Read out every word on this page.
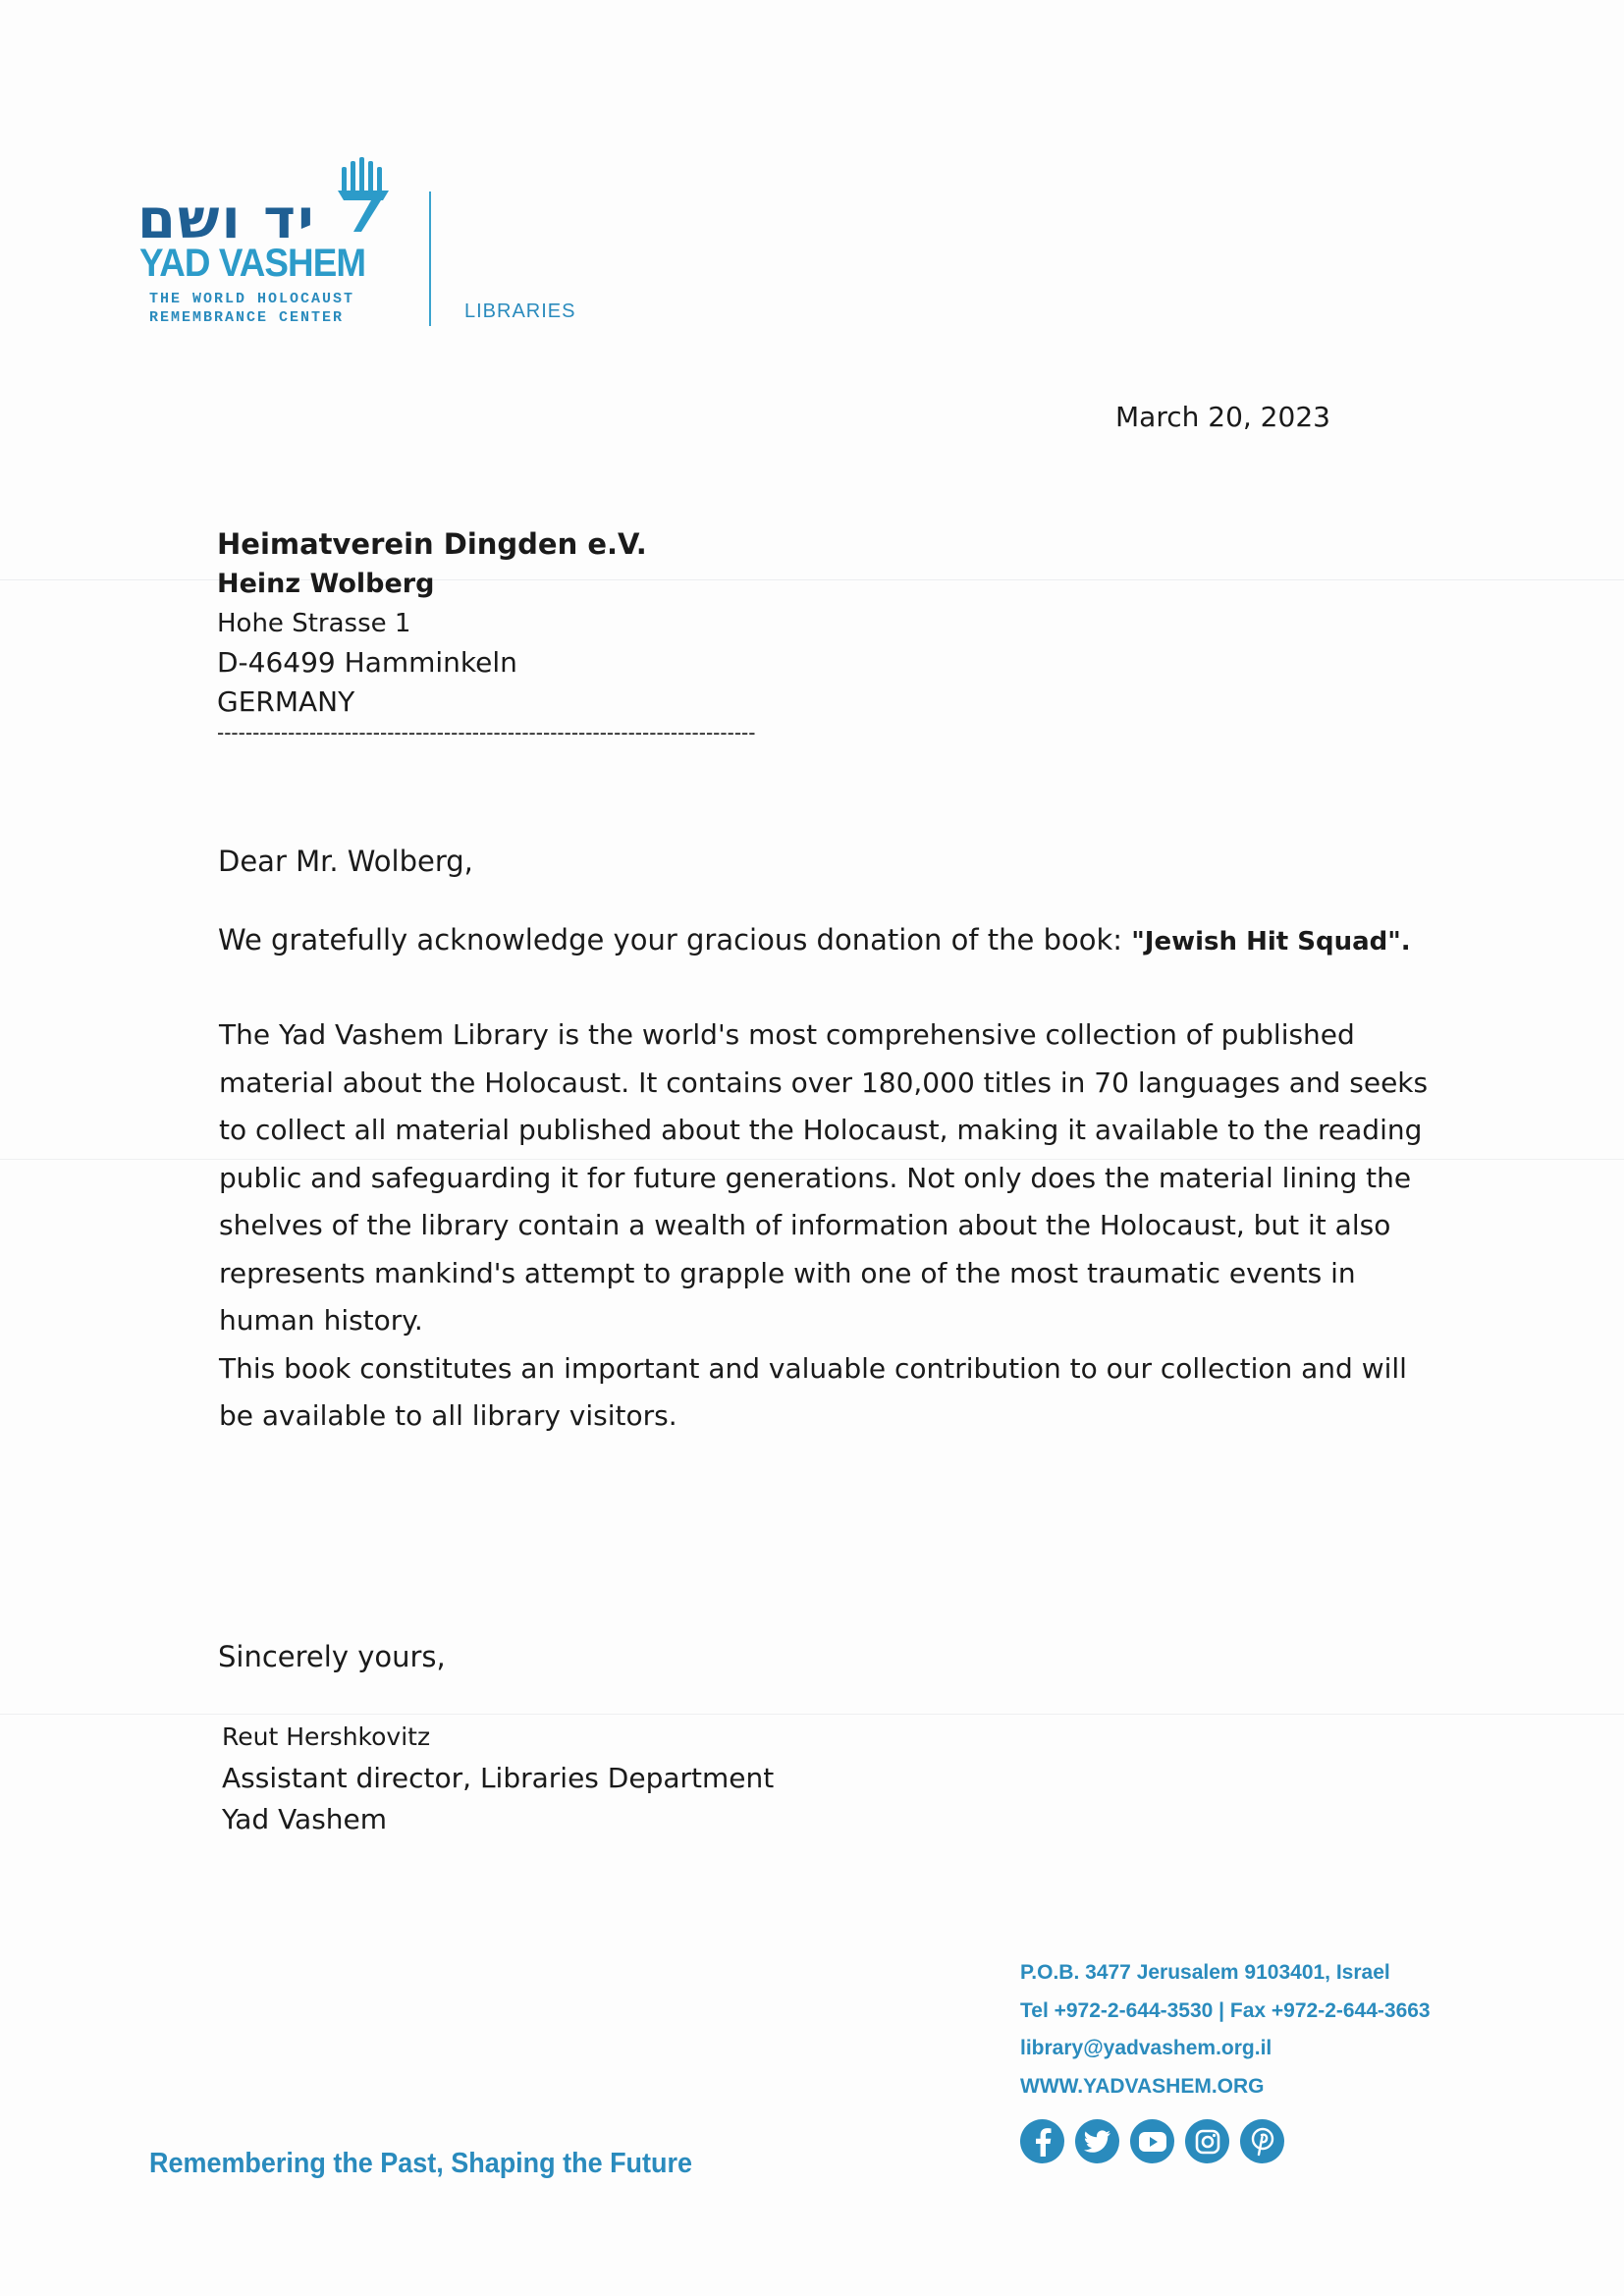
יד ושם
YAD VASHEM
THE WORLD HOLOCAUST
REMEMBRANCE CENTER	LIBRARIES
March 20, 2023
Heimatverein Dingden e.V.
Heinz Wolberg
Hohe Strasse 1
D-46499 Hamminkeln
GERMANY
----------------------------------------------------------------------------
Dear Mr. Wolberg,
We gratefully acknowledge your gracious donation of the book: "Jewish Hit Squad".
The Yad Vashem Library is the world's most comprehensive collection of published
material about the Holocaust. It contains over 180,000 titles in 70 languages and seeks
to collect all material published about the Holocaust, making it available to the reading
public and safeguarding it for future generations. Not only does the material lining the
shelves of the library contain a wealth of information about the Holocaust, but it also
represents mankind's attempt to grapple with one of the most traumatic events in
human history.
This book constitutes an important and valuable contribution to our collection and will
be available to all library visitors.
Sincerely yours,
Reut Hershkovitz
Assistant director, Libraries Department
Yad Vashem
P.O.B. 3477 Jerusalem 9103401, Israel
Tel +972-2-644-3530 | Fax +972-2-644-3663
library@yadvashem.org.il
WWW.YADVASHEM.ORG
Remembering the Past, Shaping the Future
